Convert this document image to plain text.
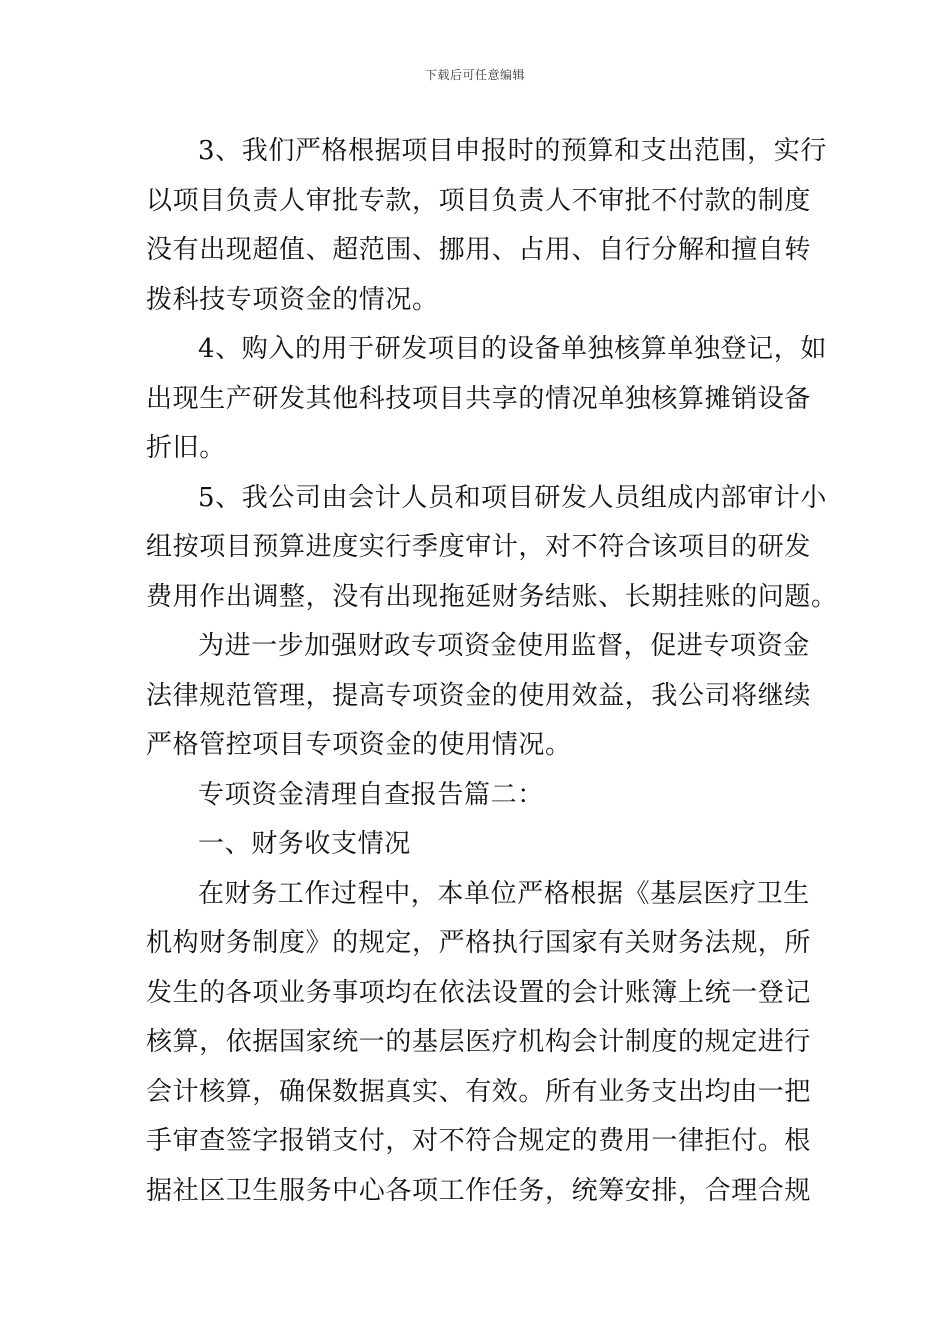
下载后可任意编辑
3、我们严格根据项目申报时的预算和支出范围，实行
以项目负责人审批专款，项目负责人不审批不付款的制度
没有出现超值、超范围、挪用、占用、自行分解和擅自转
拨科技专项资金的情况。
4、购入的用于研发项目的设备单独核算单独登记，如
出现生产研发其他科技项目共享的情况单独核算摊销设备
折旧。
5、我公司由会计人员和项目研发人员组成内部审计小
组按项目预算进度实行季度审计，对不符合该项目的研发
费用作出调整，没有出现拖延财务结账、长期挂账的问题。
为进一步加强财政专项资金使用监督，促进专项资金
法律规范管理，提高专项资金的使用效益，我公司将继续
严格管控项目专项资金的使用情况。
专项资金清理自查报告篇二：
一、财务收支情况
在财务工作过程中，本单位严格根据《基层医疗卫生
机构财务制度》的规定，严格执行国家有关财务法规，所
发生的各项业务事项均在依法设置的会计账簿上统一登记
核算，依据国家统一的基层医疗机构会计制度的规定进行
会计核算，确保数据真实、有效。所有业务支出均由一把
手审查签字报销支付，对不符合规定的费用一律拒付。根
据社区卫生服务中心各项工作任务，统筹安排，合理合规
